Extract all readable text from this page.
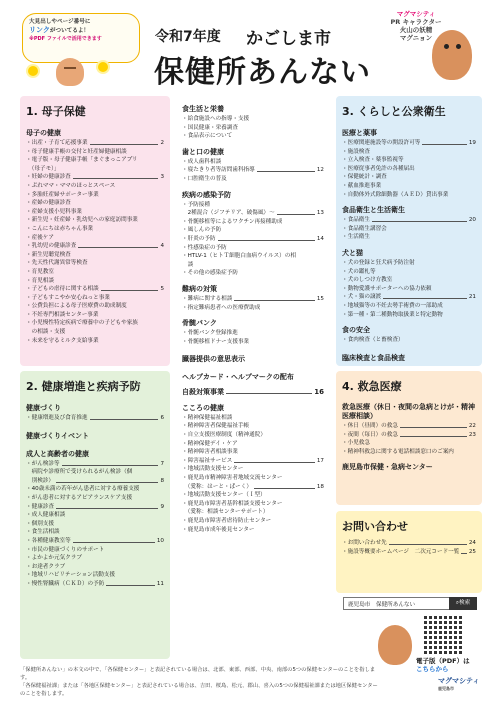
大見出しやページ番号に
リンクがついてるよ！
※PDF ファイルで活用できます	令和7年度 かごしま市
保健所あんない
マグマシティ
PR キャラクター
火山の妖精
マグニョン
1. 母子保健
母子の健康
・出産・子育て応援事業	2
・母子健康手帳の交付と妊産婦健康相談
・電子版・母子健康手帳「まぐまっこアプリ
　（母子モ）」
・妊婦の健康診査	3
・ぷれママ・ママのほっとスペース
・多胎妊産婦サポーター事業
・産婦の健康診査
・産婦支援小児科事業
・新生児・妊産婦・乳幼児への家庭訪問事業
・こんにちは赤ちゃん事業
・産後ケア
・乳幼児の健康診査	4
・新生児聴覚検査
・先天性代謝異常等検査
・育児教室
・育児相談
・子どもの虐待に関する相談	5
・子どもすこやか安心ねっと事業
・公費負担による母子医療費の助成制度
・不妊専門相談センター事業
・小児慢性特定疾病で療養中の子どもや家族
　の相談・支援
・未来を守るミルク支給事業
2. 健康増進と疾病予防
健康づくり
・健康増進及び食育推進	6
健康づくりイベント
成人と高齢者の健康
・がん検診等	7
　病院や診療所で受けられるがん検診（個
　別検診）	8
・40歳未満の若年がん患者に対する療養支援
・がん患者に対するアピアランスケア支援
・健康診査	9
・成人健康相談
・個別支援
・食生活相談
・各種健康教室等	10
・市民の健康づくりのサポート
・よかよか元気クラブ
・お達者クラブ
・地域リハビリテーション活動支援
・慢性腎臓病（ＣＫＤ）の予防	11
食生活と栄養
・給食施設への指導・支援
・国民健康・栄養調査
・食品表示について
歯と口の健康
・成人歯科相談
・寝たきり者等訪問歯科指導	12
・口腔衛生の普及
疾病の感染予防
・予防接種
　2種混合（ジフテリア、破傷風）〜	13
・骨髄移植等によるワクチン再接種助成
・風しんの予防
・肝炎の予防	14
・性感染症の予防
・HTLV-1（ヒトＴ細胞白血病ウイルス）の相
　談
・その他の感染症予防
難病の対策
・難病に関する相談	15
・指定難病患者への医療費助成
骨髄バンク
・骨髄バンク登録推進
・骨髄移植ドナー支援事業
臓器提供の意思表示
ヘルプカード・ヘルプマークの配布
自殺対策事業	16
こころの健康
・精神保健福祉相談
・精神障害者保健福祉手帳
・自立支援医療制度（精神通院）
・精神保健デイ・ケア
・精神障害者相談事業
・障害福祉サービス	17
・地域活動支援センター
・鹿児島市精神障害者地域交流センター
　（愛称：はーと・ぱーく）	18
・地域活動支援センター（Ｉ型）
・鹿児島市障害者基幹相談支援センター
　（愛称：相談センターサポート）
・鹿児島市障害者虐待防止センター
・鹿児島市成年後見センター
3. くらしと公衆衛生
医療と薬事
・医療関連施設等の開設許可等	19
・施設検査
・立入検査・薬事監視等
・医療従事者免許の各種届出
・保健統計・調査
・献血推進事業
・自動体外式除細動器（ＡＥＤ）貸出事業
食品衛生と生活衛生
・食品衛生	20
・食品衛生講習会
・生活衛生
犬と猫
・犬の登録と狂犬病予防注射
・犬の鑑札等
・犬のしつけ方教室
・動物愛護サポーターへの協力依頼
・犬・猫の譲渡	21
・地域猫等の不妊去勢手術費の一部助成
・第一種・第二種動物取扱業と特定動物
食の安全
・食肉検査（と畜検査）
臨床検査と食品検査
4. 救急医療
救急医療（休日・夜間の急病とけが・精神医療相談）
・休日（昼間）の救急	22
・夜間（毎日）の救急	23
・小児救急
・精神科救急に関する電話相談窓口のご案内
鹿児島市保健・急病センター
お問い合わせ
・お問い合わせ先	24
・施設等概要ホームページ　二次元コード一覧 25
鹿児島市　保健所あんない	⌕検索
電子版（PDF）は
こちらから
「保健所あんない」の本文の中で、「各保健センター」と表記されている場合は、北部、東部、西部、中央、南部の5つの保健センターのことを指します。
「各保健福祉課」または「各地区保健センター」と表記されている場合は、吉田、桜島、松元、郡山、喜入の5つの保健福祉課または地区保健センターのことを指します。
マグマシティ
鹿児島市
